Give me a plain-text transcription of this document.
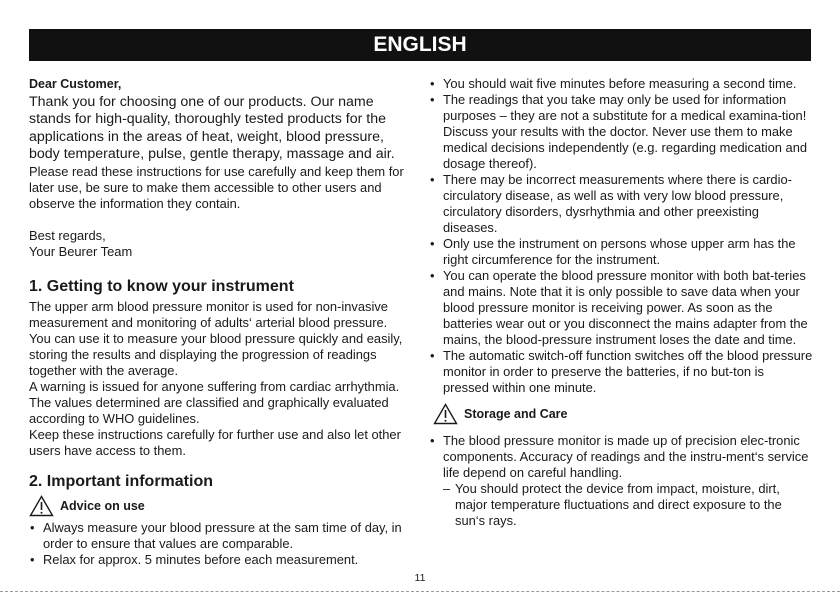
ENGLISH

Dear Customer,

Thank you for choosing one of our products. Our name stands for high-quality, thoroughly tested products for the applications in the areas of heat, weight, blood pressure, body temperature, pulse, gentle therapy, massage and air.

Please read these instructions for use carefully and keep them for later use, be sure to make them accessible to other users and observe the information they contain.

Best regards,

Your Beurer Team

1. Getting to know your instrument

The upper arm blood pressure monitor is used for non-invasive measurement and monitoring of adults‘ arterial blood pressure. You can use it to measure your blood pressure quickly and easily, storing the results and displaying the progression of readings together with the average.

A warning is issued for anyone suffering from cardiac arrhythmia. The values determined are classified and graphically evaluated according to WHO guidelines.

Keep these instructions carefully for further use and also let other users have access to them.

2. Important information
Advice on use
• Always measure your blood pressure at the sam time of day, in order to ensure that values are comparable.
• Relax for approx. 5 minutes before each measurement.
• You should wait five minutes before measuring a second time.
• The readings that you take may only be used for information purposes – they are not a substitute for a medical examina-tion! Discuss your results with the doctor. Never use them to make medical decisions independently (e.g. regarding medication and dosage thereof).
• There may be incorrect measurements where there is cardio-circulatory disease, as well as with very low blood pressure, circulatory disorders, dysrhythmia and other preexisting diseases.
• Only use the instrument on persons whose upper arm has the right circumference for the instrument.
• You can operate the blood pressure monitor with both bat-teries and mains. Note that it is only possible to save data when your blood pressure monitor is receiving power. As soon as the batteries wear out or you disconnect the mains adapter from the mains, the blood-pressure instrument loses the date and time.
• The automatic switch-off function switches off the blood pressure monitor in order to preserve the batteries, if no but-ton is pressed within one minute.
Storage and Care
• The blood pressure monitor is made up of precision elec-tronic components. Accuracy of readings and the instru-ment‘s service life depend on careful handling.
– You should protect the device from impact, moisture, dirt, major temperature fluctuations and direct exposure to the sun‘s rays.
11
